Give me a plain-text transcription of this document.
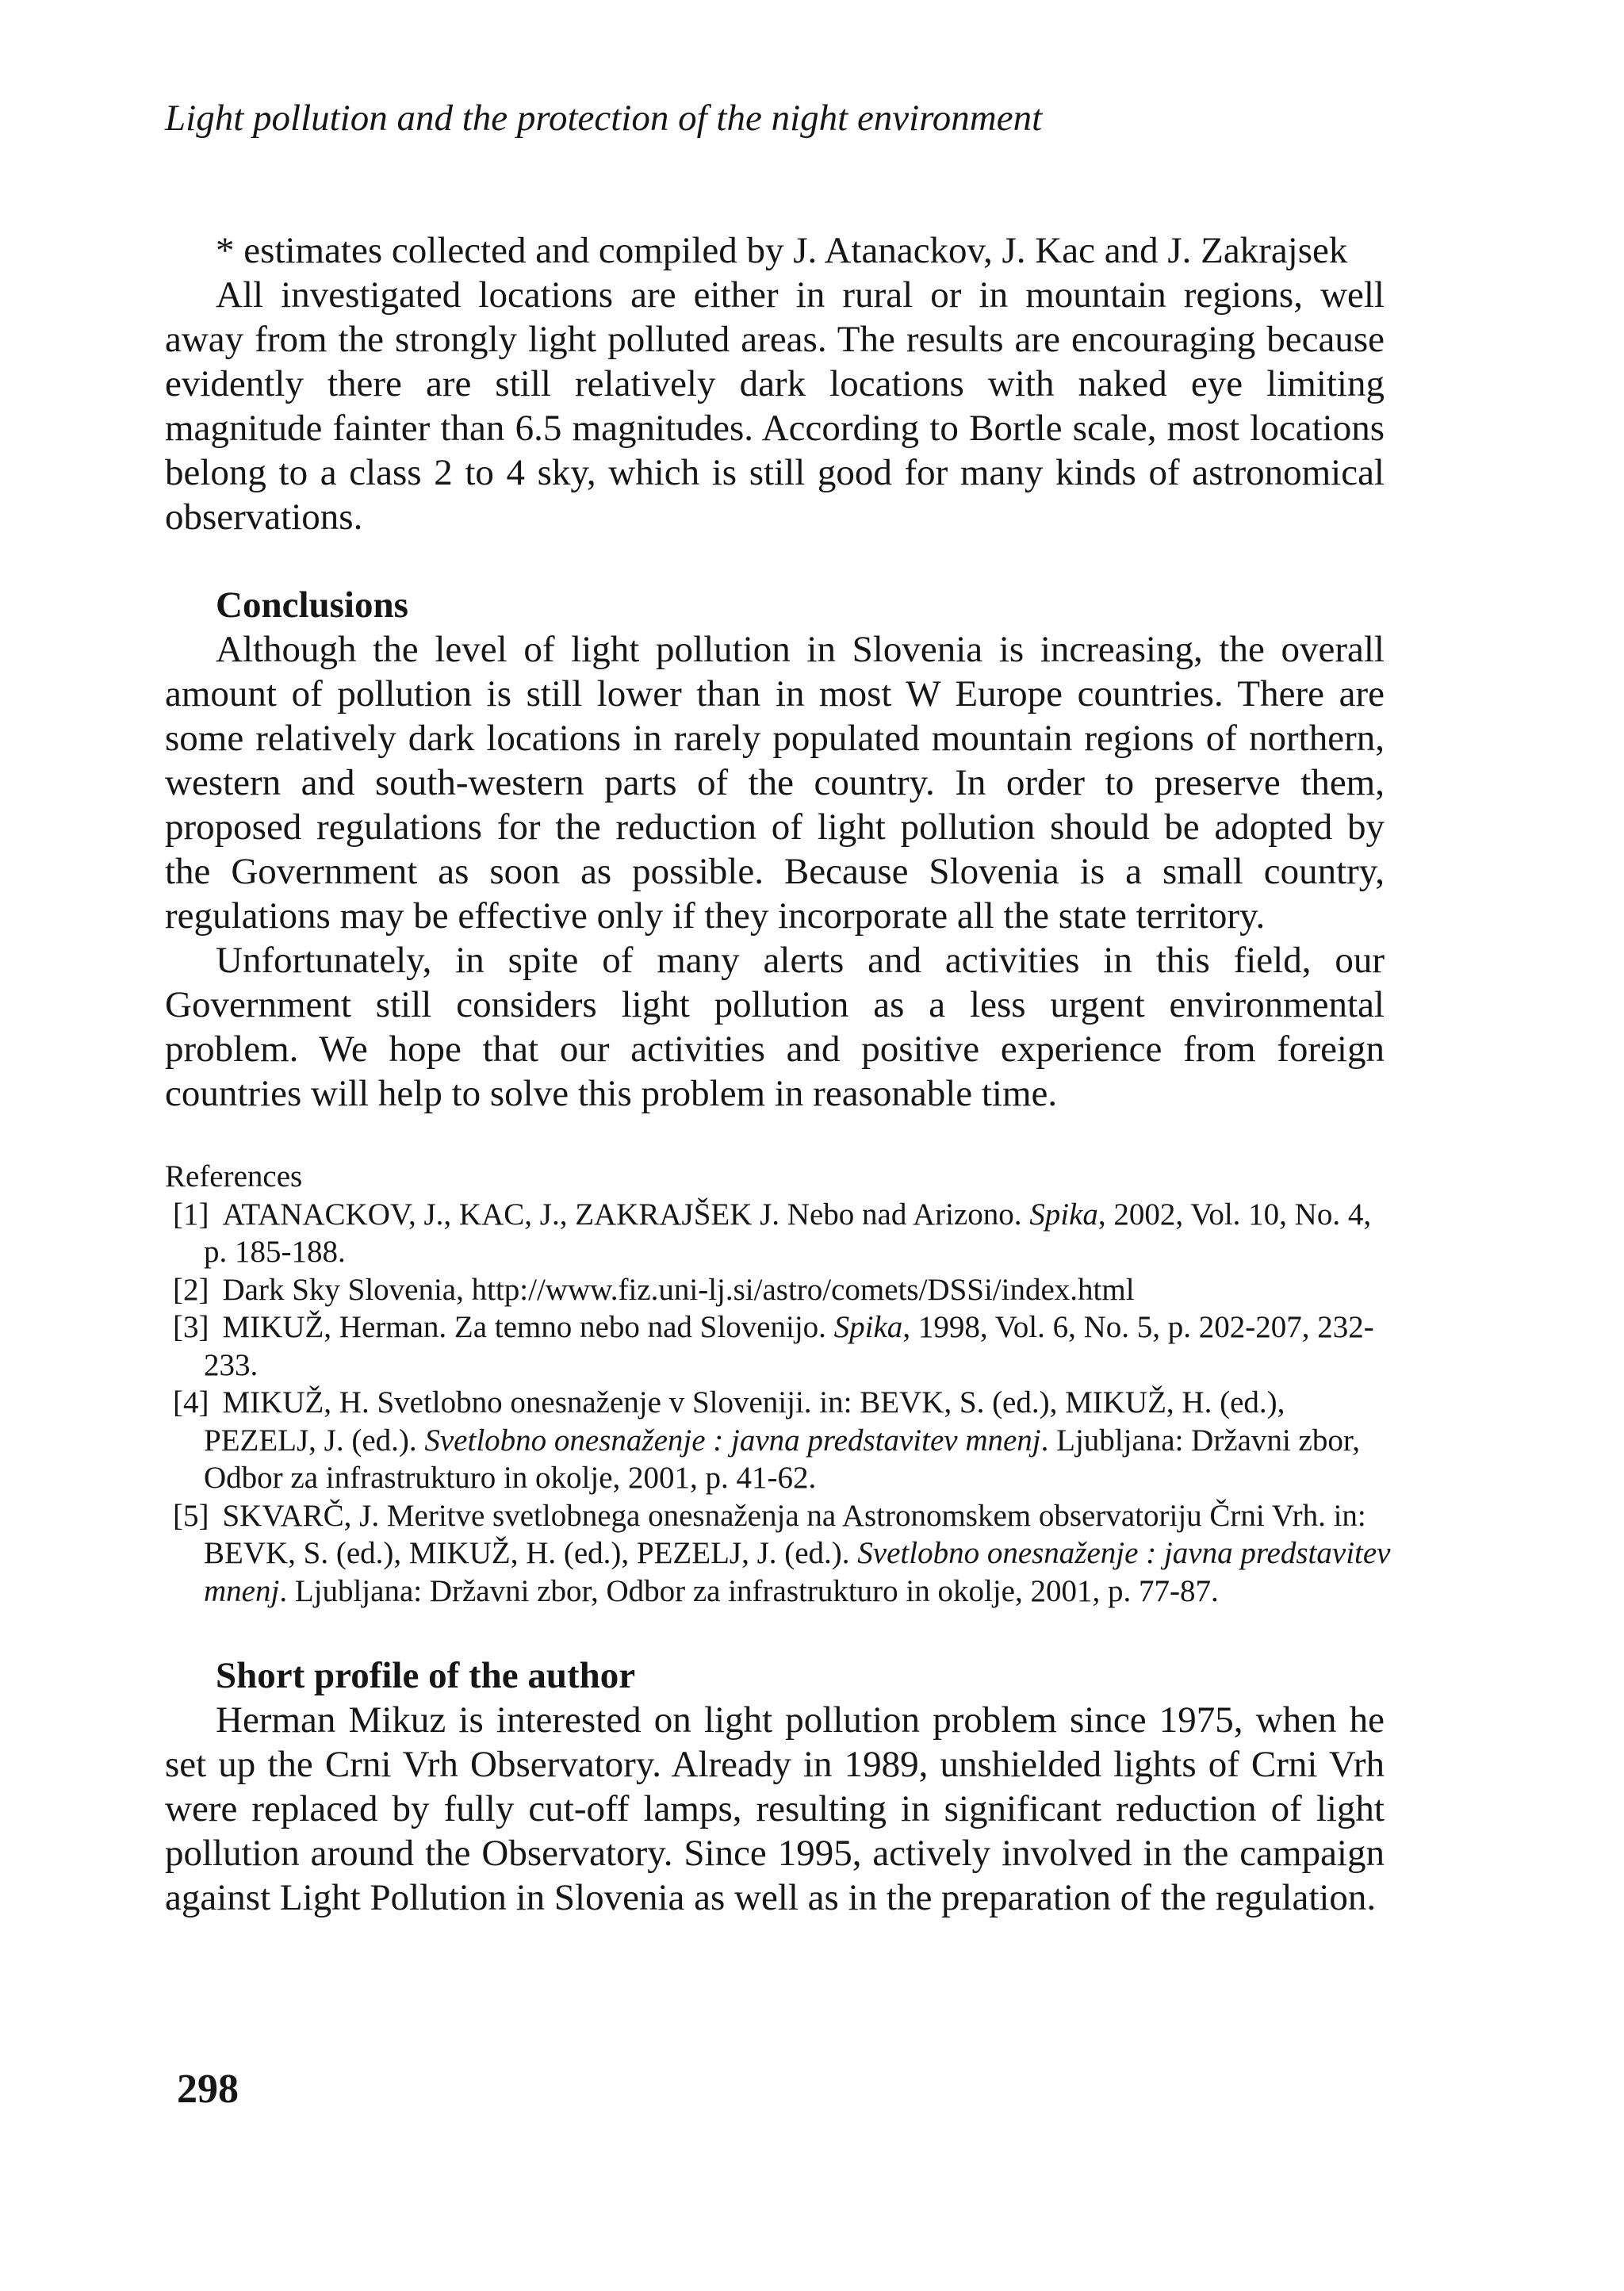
Light pollution and the protection of the night environment
* estimates collected and compiled by J. Atanackov, J. Kac and J. Zakrajsek
All investigated locations are either in rural or in mountain regions, well
away from the strongly light polluted areas. The results are encouraging because
evidently there are still relatively dark locations with naked eye limiting
magnitude fainter than 6.5 magnitudes. According to Bortle scale, most locations
belong to a class 2 to 4 sky, which is still good for many kinds of astronomical
observations.
Conclusions
Although the level of light pollution in Slovenia is increasing, the overall
amount of pollution is still lower than in most W Europe countries. There are
some relatively dark locations in rarely populated mountain regions of northern,
western and south-western parts of the country. In order to preserve them,
proposed regulations for the reduction of light pollution should be adopted by
the Government as soon as possible. Because Slovenia is a small country,
regulations may be effective only if they incorporate all the state territory.
Unfortunately, in spite of many alerts and activities in this field, our
Government still considers light pollution as a less urgent environmental
problem. We hope that our activities and positive experience from foreign
countries will help to solve this problem in reasonable time.
References
[1] ATANACKOV, J., KAC, J., ZAKRAJŠEK J. Nebo nad Arizono. Spika, 2002, Vol. 10, No. 4,
p. 185-188.
[2] Dark Sky Slovenia, http://www.fiz.uni-lj.si/astro/comets/DSSi/index.html
[3] MIKUŽ, Herman. Za temno nebo nad Slovenijo. Spika, 1998, Vol. 6, No. 5, p. 202-207, 232-
233.
[4] MIKUŽ, H. Svetlobno onesnaženje v Sloveniji. in: BEVK, S. (ed.), MIKUŽ, H. (ed.),
PEZELJ, J. (ed.). Svetlobno onesnaženje : javna predstavitev mnenj. Ljubljana: Državni zbor,
Odbor za infrastrukturo in okolje, 2001, p. 41-62.
[5] SKVARČ, J. Meritve svetlobnega onesnaženja na Astronomskem observatoriju Črni Vrh. in:
BEVK, S. (ed.), MIKUŽ, H. (ed.), PEZELJ, J. (ed.). Svetlobno onesnaženje : javna predstavitev
mnenj. Ljubljana: Državni zbor, Odbor za infrastrukturo in okolje, 2001, p. 77-87.
Short profile of the author
Herman Mikuz is interested on light pollution problem since 1975, when he
set up the Crni Vrh Observatory. Already in 1989, unshielded lights of Crni Vrh
were replaced by fully cut-off lamps, resulting in significant reduction of light
pollution around the Observatory. Since 1995, actively involved in the campaign
against Light Pollution in Slovenia as well as in the preparation of the regulation.
298
